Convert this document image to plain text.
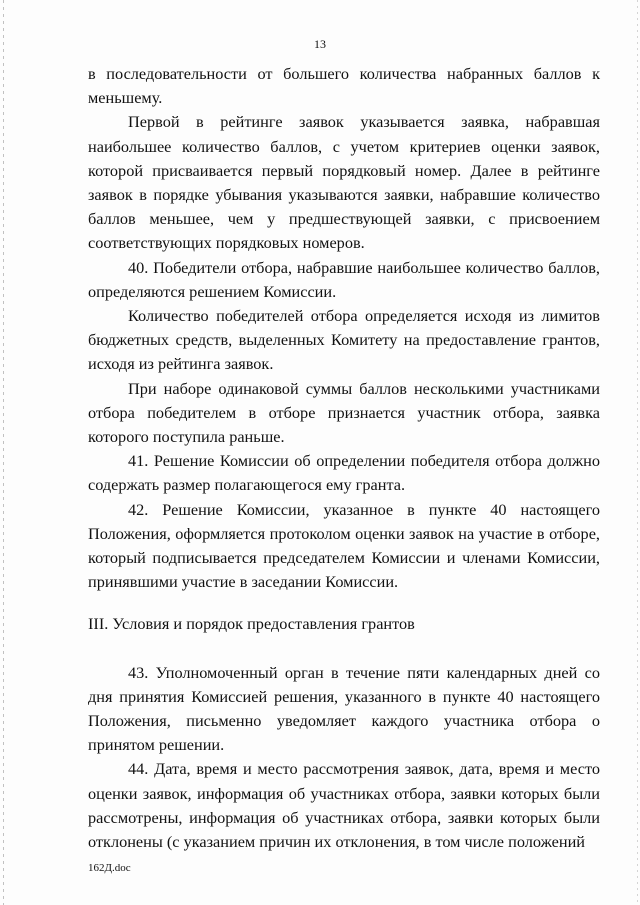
13

в последовательности от большего количества набранных баллов к меньшему.

Первой в рейтинге заявок указывается заявка, набравшая наибольшее количество баллов, с учетом критериев оценки заявок, которой присваивается первый порядковый номер. Далее в рейтинге заявок в порядке убывания указываются заявки, набравшие количество баллов меньшее, чем у предшествующей заявки, с присвоением соответствующих порядковых номеров.

40. Победители отбора, набравшие наибольшее количество баллов, определяются решением Комиссии.

Количество победителей отбора определяется исходя из лимитов бюджетных средств, выделенных Комитету на предоставление грантов, исходя из рейтинга заявок.

При наборе одинаковой суммы баллов несколькими участниками отбора победителем в отборе признается участник отбора, заявка которого поступила раньше.

41. Решение Комиссии об определении победителя отбора должно содержать размер полагающегося ему гранта.

42. Решение Комиссии, указанное в пункте 40 настоящего Положения, оформляется протоколом оценки заявок на участие в отборе, который подписывается председателем Комиссии и членами Комиссии, принявшими участие в заседании Комиссии.

III. Условия и порядок предоставления грантов

43. Уполномоченный орган в течение пяти календарных дней со дня принятия Комиссией решения, указанного в пункте 40 настоящего Положения, письменно уведомляет каждого участника отбора о принятом решении.

44. Дата, время и место рассмотрения заявок, дата, время и место оценки заявок, информация об участниках отбора, заявки которых были рассмотрены, информация об участниках отбора, заявки которых были отклонены (с указанием причин их отклонения, в том числе положений

162Д.doc
